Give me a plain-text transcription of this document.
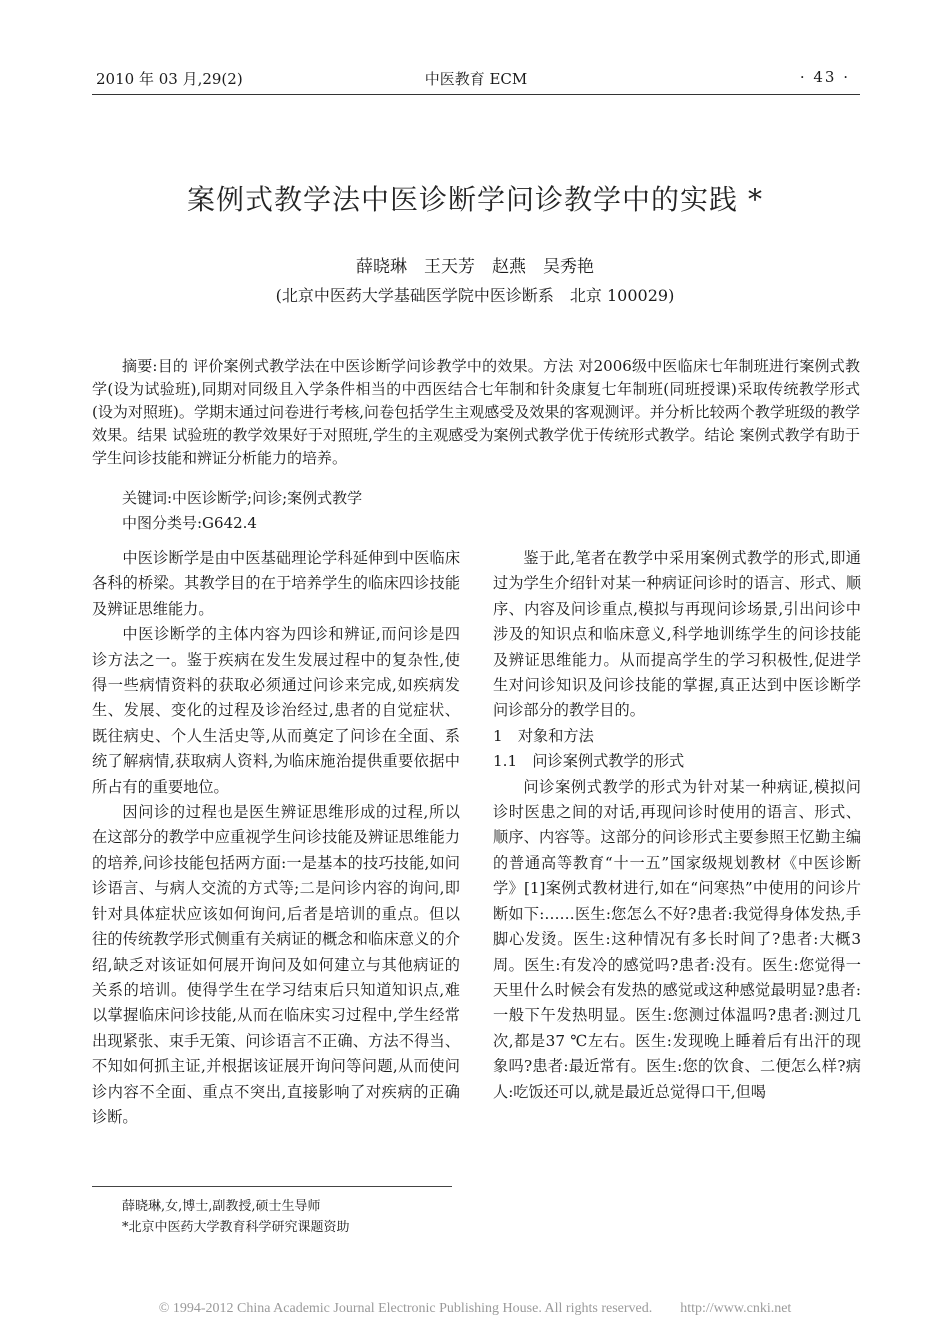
2010 年 03 月,29(2)	中医教育 ECM	· 43 ·
案例式教学法中医诊断学问诊教学中的实践 *
薛晓琳　王天芳　赵燕　吴秀艳
(北京中医药大学基础医学院中医诊断系　北京 100029)

摘要:目的 评价案例式教学法在中医诊断学问诊教学中的效果。方法 对2006级中医临床七年制班进行案例式教学(设为试验班),同期对同级且入学条件相当的中西医结合七年制和针灸康复七年制班(同班授课)采取传统教学形式(设为对照班)。学期末通过问卷进行考核,问卷包括学生主观感受及效果的客观测评。并分析比较两个教学班级的教学效果。结果 试验班的教学效果好于对照班,学生的主观感受为案例式教学优于传统形式教学。结论 案例式教学有助于学生问诊技能和辨证分析能力的培养。

关键词:中医诊断学;问诊;案例式教学
中图分类号:G642.4

中医诊断学是由中医基础理论学科延伸到中医临床各科的桥梁。其教学目的在于培养学生的临床四诊技能及辨证思维能力。

中医诊断学的主体内容为四诊和辨证,而问诊是四诊方法之一。鉴于疾病在发生发展过程中的复杂性,使得一些病情资料的获取必须通过问诊来完成,如疾病发生、发展、变化的过程及诊治经过,患者的自觉症状、既往病史、个人生活史等,从而奠定了问诊在全面、系统了解病情,获取病人资料,为临床施治提供重要依据中所占有的重要地位。

因问诊的过程也是医生辨证思维形成的过程,所以在这部分的教学中应重视学生问诊技能及辨证思维能力的培养,问诊技能包括两方面:一是基本的技巧技能,如问诊语言、与病人交流的方式等;二是问诊内容的询问,即针对具体症状应该如何询问,后者是培训的重点。但以往的传统教学形式侧重有关病证的概念和临床意义的介绍,缺乏对该证如何展开询问及如何建立与其他病证的关系的培训。使得学生在学习结束后只知道知识点,难以掌握临床问诊技能,从而在临床实习过程中,学生经常出现紧张、束手无策、问诊语言不正确、方法不得当、不知如何抓主证,并根据该证展开询问等问题,从而使问诊内容不全面、重点不突出,直接影响了对疾病的正确诊断。

鉴于此,笔者在教学中采用案例式教学的形式,即通过为学生介绍针对某一种病证问诊时的语言、形式、顺序、内容及问诊重点,模拟与再现问诊场景,引出问诊中涉及的知识点和临床意义,科学地训练学生的问诊技能及辨证思维能力。从而提高学生的学习积极性,促进学生对问诊知识及问诊技能的掌握,真正达到中医诊断学问诊部分的教学目的。

1　对象和方法

1.1　问诊案例式教学的形式

问诊案例式教学的形式为针对某一种病证,模拟问诊时医患之间的对话,再现问诊时使用的语言、形式、顺序、内容等。这部分的问诊形式主要参照王忆勤主编的普通高等教育“十一五”国家级规划教材《中医诊断学》[1]案例式教材进行,如在“问寒热”中使用的问诊片断如下:……医生:您怎么不好?患者:我觉得身体发热,手脚心发烫。医生:这种情况有多长时间了?患者:大概3周。医生:有发冷的感觉吗?患者:没有。医生:您觉得一天里什么时候会有发热的感觉或这种感觉最明显?患者:一般下午发热明显。医生:您测过体温吗?患者:测过几次,都是37 ℃左右。医生:发现晚上睡着后有出汗的现象吗?患者:最近常有。医生:您的饮食、二便怎么样?病人:吃饭还可以,就是最近总觉得口干,但喝

薛晓琳,女,博士,副教授,硕士生导师
*北京中医药大学教育科学研究课题资助
© 1994-2012 China Academic Journal Electronic Publishing House. All rights reserved.　　http://www.cnki.net
